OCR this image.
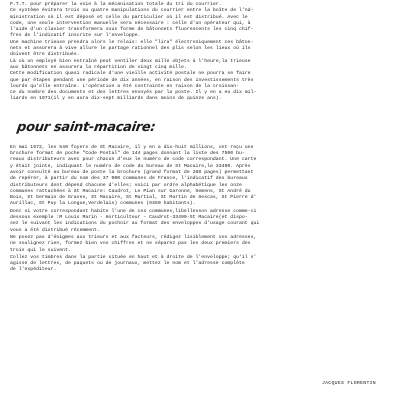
P.T.T. pour préparer la voie à la mécanisation totale du tri du courrier.
Ce système évitera trois ou quatre manipulations du courrier entre la boîte de l'Ad-
ministration où il est déposé et celle du particulier où il est distribué. Avec le
code, une seule intervention manuelle sera nécessaire : celle d'un opérateur qui, à
l'aide d'un clavier transformera sous forme de bâtonnets fluorescents les cinq chif-
fres de l'indicatif inscrite sur l'enveloppe.

Une machine trieuse prendra alors le relais: elle "lira" électroniquement ces bâton-
nets et assurera à vive allure le partage rationnel des plis selon les lieux où ils
doivent être distribués.

Là où un employé bien entraîné peut ventiler deux mille objets à l'heure,la trieuse
aux bâtonnets en assurera la répartition de vingt cinq mille.

Cette modification quasi radicale d'une vieille activité postale ne pourra se faire
que par étapes pendant une période de dix années, en raison des investissements très
lourds qu'elle entraîne. L'opération a été contrainte en raison de la croissan-
ce du nombre des documents et des lettres envoyés par la poste. Il y en a eu dix mil-
liards en 1971(il y en aura dix-sept milliards dans moins de quinze ans).

pour saint-macaire:

En mai 1972, les 540 foyers de St Macaire, il y en a dix-huit millions, ont reçu une
brochure format de poche "Code Postal" de 144 pages donnant la liste des 7500 bu-
reaux distributeurs avec pour chacun d'eux le numéro de code correspondant. Une carte
y était jointe, indiquant le numéro de code du bureau de St Macaire,le 33490. Après
avoir consulté au bureau de poste la brochure (grand format de 288 pages) permettant
de repérer, à partir du nom des 37 000 communes de France, l'indicatif des bureaux
distributeurs dont dépend chacune d'elles; voici par ordre alphabétique les onze
communes rattachées à St Macaire: Caudrot, Le Pian sur Garonne, Semens, St André du
Bois, St Germain de Graves, St Macaire, St Martial, St Martin de Sescas, St Pierre d'
Aurillac, St Puy la Longue,Verdelais) communes (6450 habitants).

Donc si votre correspondant habite l'une de ces communes,libellesson adresse comme-ci
dessous exemple :M Louis Marin - Horticulteur - Caudrot-33490-St Macaire(et dispo-
sez le suivant les indications du pochoir au format des enveloppes d'usage courant qui
vous a été distribué récemment.

Ne posez pas d'énigmes aux trieurs et aux facteurs, rédigez lisiblement vos adresses,
ne soulignez rien, formez bien vos chiffres et ne séparez pas les deux premiers des
trois qui le suivent.

Collez vos timbres dans la partie située en haut et à droite de l'enveloppe; qu'il s'
agisse de lettres, de paquets ou de journaux, mettez le nom et l'adresse complète
de l'expéditeur.

JACQUES FLORENTIN
